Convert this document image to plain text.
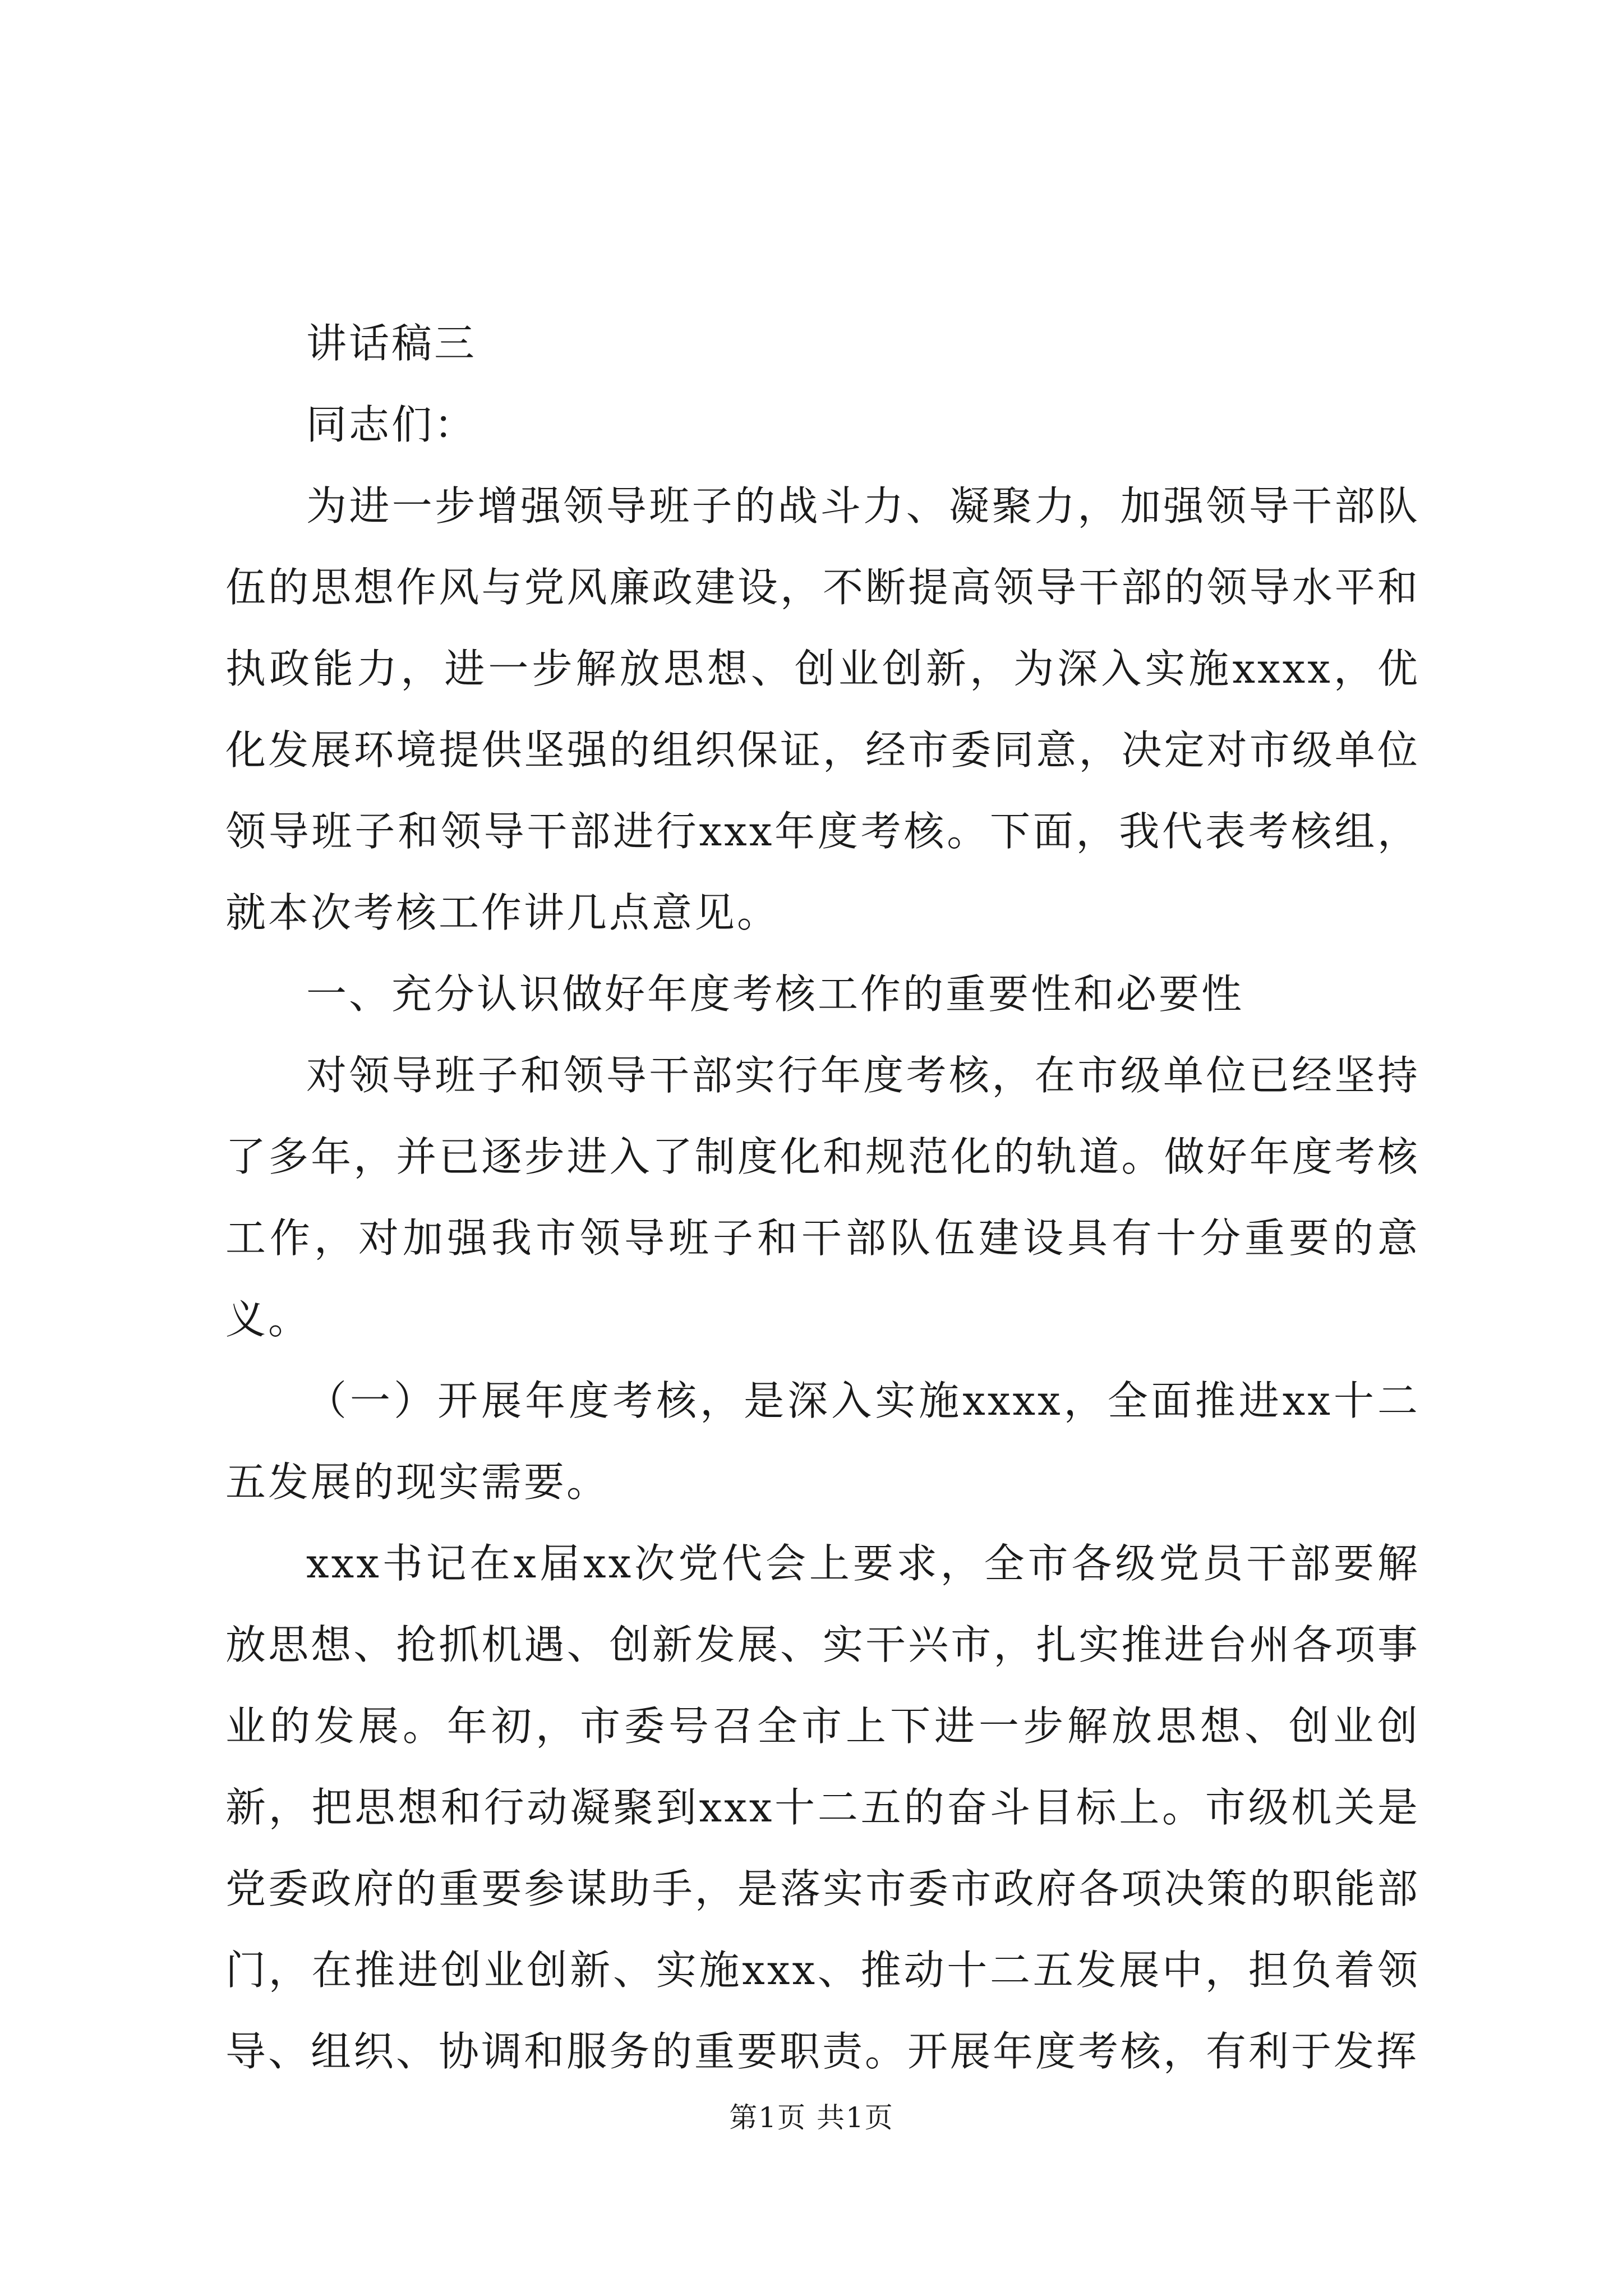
讲话稿三

同志们：

为进一步增强领导班子的战斗力、凝聚力，加强领导干部队伍的思想作风与党风廉政建设，不断提高领导干部的领导水平和执政能力，进一步解放思想、创业创新，为深入实施xxxx，优化发展环境提供坚强的组织保证，经市委同意，决定对市级单位领导班子和领导干部进行xxx年度考核。下面，我代表考核组，就本次考核工作讲几点意见。

一、充分认识做好年度考核工作的重要性和必要性

对领导班子和领导干部实行年度考核，在市级单位已经坚持了多年，并已逐步进入了制度化和规范化的轨道。做好年度考核工作，对加强我市领导班子和干部队伍建设具有十分重要的意义。

（一）开展年度考核，是深入实施xxxx，全面推进xx十二五发展的现实需要。

xxx书记在x届xx次党代会上要求，全市各级党员干部要解放思想、抢抓机遇、创新发展、实干兴市，扎实推进台州各项事业的发展。年初，市委号召全市上下进一步解放思想、创业创新，把思想和行动凝聚到xxx十二五的奋斗目标上。市级机关是党委政府的重要参谋助手，是落实市委市政府各项决策的职能部门，在推进创业创新、实施xxx、推动十二五发展中，担负着领导、组织、协调和服务的重要职责。开展年度考核，有利于发挥

第1页 共1页
